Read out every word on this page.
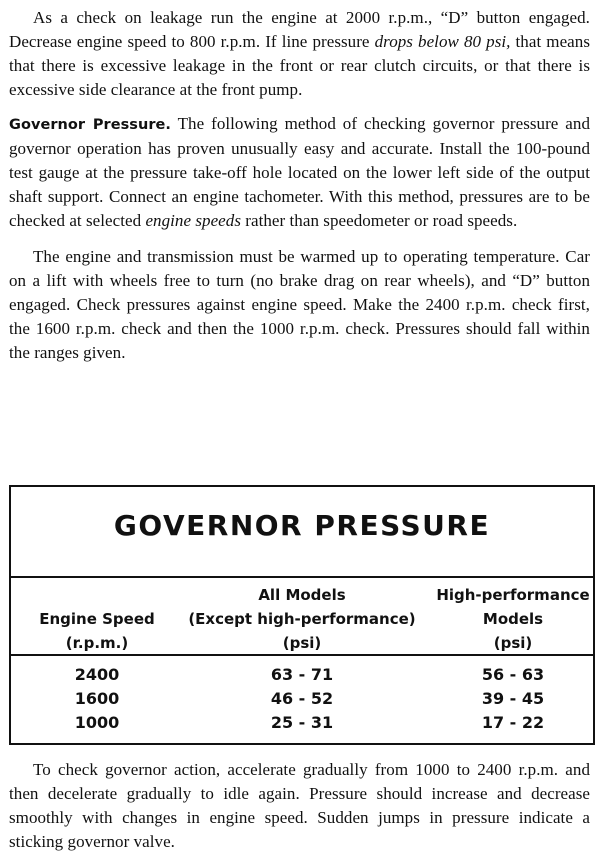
As a check on leakage run the engine at 2000 r.p.m., “D” button engaged. Decrease engine speed to 800 r.p.m. If line pressure drops below 80 psi, that means that there is excessive leakage in the front or rear clutch circuits, or that there is excessive side clearance at the front pump.

Governor Pressure. The following method of checking governor pressure and governor operation has proven unusually easy and accurate. Install the 100-pound test gauge at the pressure take-off hole located on the lower left side of the output shaft support. Connect an engine tachometer. With this method, pressures are to be checked at selected engine speeds rather than speedometer or road speeds.

The engine and transmission must be warmed up to operating temperature. Car on a lift with wheels free to turn (no brake drag on rear wheels), and “D” button engaged. Check pressures against engine speed. Make the 2400 r.p.m. check first, the 1600 r.p.m. check and then the 1000 r.p.m. check. Pressures should fall within the ranges given.

GOVERNOR PRESSURE

Engine Speed
(r.p.m.)
All Models
(Except high-performance)
(psi)
High-performance
Models
(psi)
2400
1600
1000
63 - 71
46 - 52
25 - 31
56 - 63
39 - 45
17 - 22

To check governor action, accelerate gradually from 1000 to 2400 r.p.m. and then decelerate gradually to idle again. Pressure should increase and decrease smoothly with changes in engine speed. Sudden jumps in pressure indicate a sticking governor valve.
